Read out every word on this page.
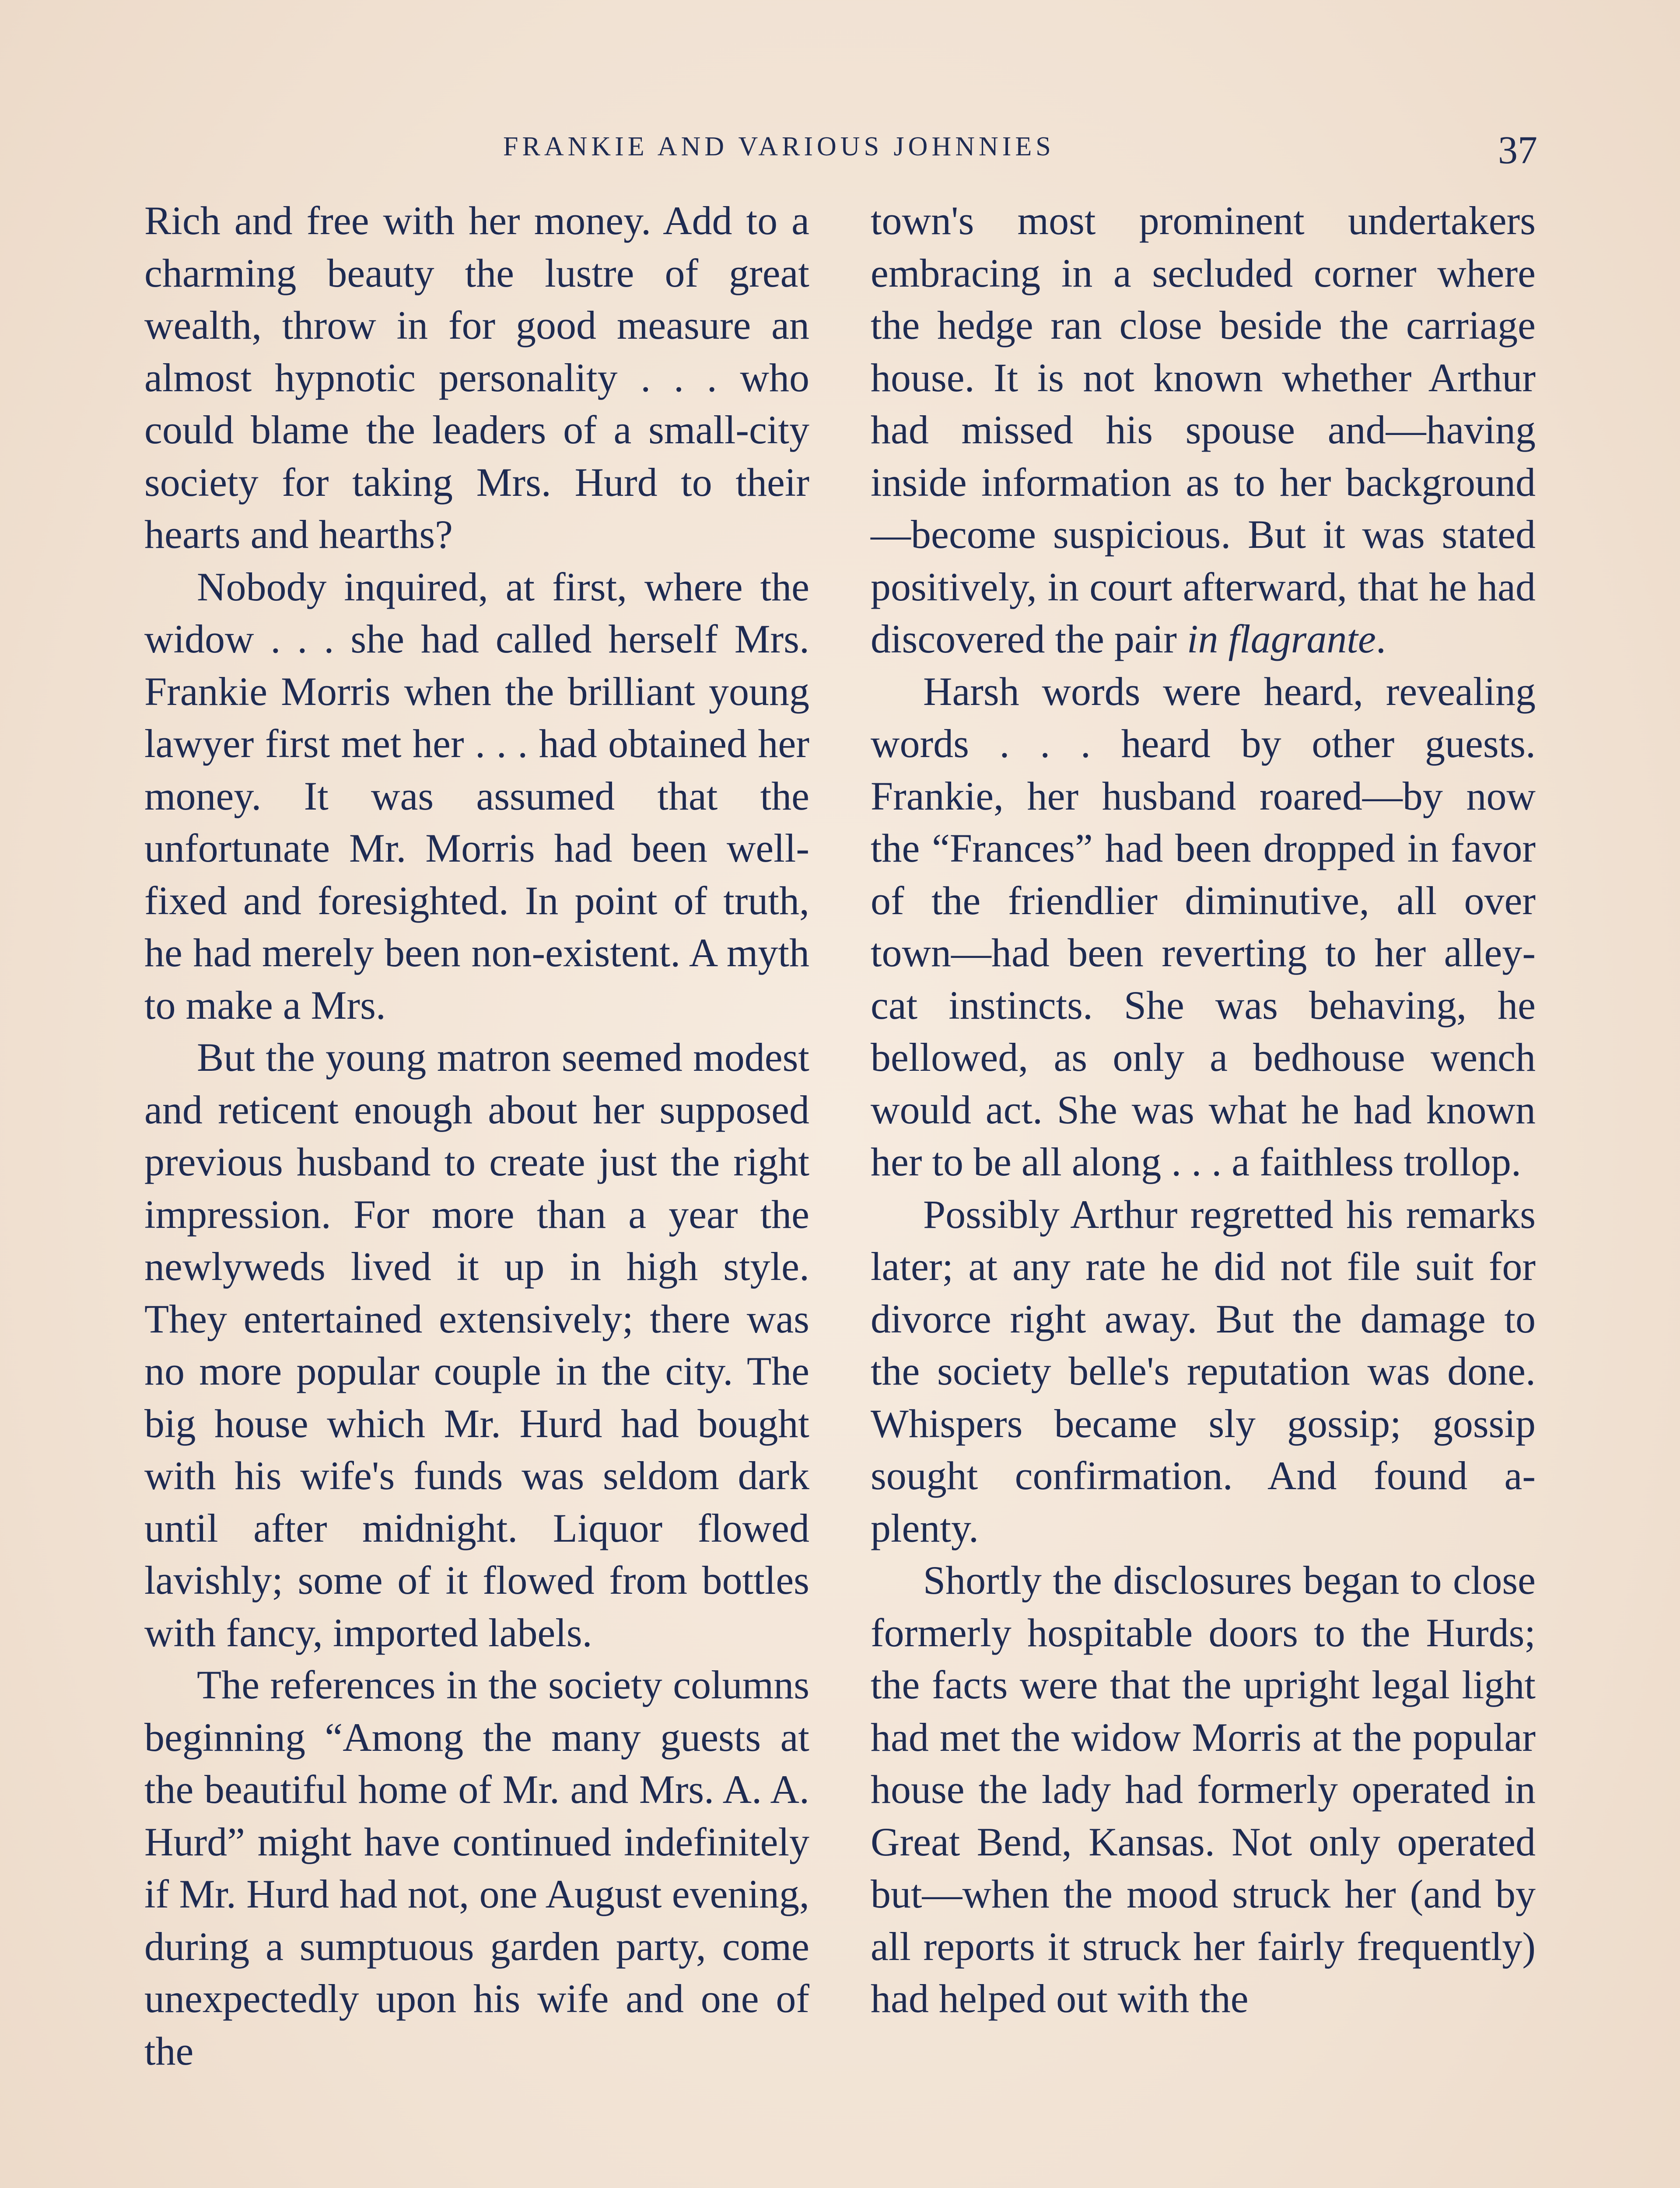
FRANKIE AND VARIOUS JOHNNIES	37

Rich and free with her money. Add to a charming beauty the lustre of great wealth, throw in for good measure an almost hypnotic personality . . . who could blame the leaders of a small-city society for taking Mrs. Hurd to their hearts and hearths?

Nobody inquired, at first, where the widow . . . she had called herself Mrs. Frankie Morris when the brilliant young lawyer first met her . . . had obtained her money. It was assumed that the unfortunate Mr. Morris had been well-fixed and foresighted. In point of truth, he had merely been non-existent. A myth to make a Mrs.

But the young matron seemed modest and reticent enough about her supposed previous husband to create just the right impression. For more than a year the newlyweds lived it up in high style. They entertained extensively; there was no more popular couple in the city. The big house which Mr. Hurd had bought with his wife's funds was seldom dark until after midnight. Liquor flowed lavishly; some of it flowed from bottles with fancy, imported labels.

The references in the society columns beginning “Among the many guests at the beautiful home of Mr. and Mrs. A. A. Hurd” might have continued indefinitely if Mr. Hurd had not, one August evening, during a sumptuous garden party, come unexpectedly upon his wife and one of the

town's most prominent undertakers embracing in a secluded corner where the hedge ran close beside the carriage house. It is not known whether Arthur had missed his spouse and—having inside information as to her background —become suspicious. But it was stated positively, in court afterward, that he had discovered the pair in flagrante.

Harsh words were heard, revealing words . . . heard by other guests. Frankie, her husband roared—by now the “Frances” had been dropped in favor of the friendlier diminutive, all over town—had been reverting to her alley-cat instincts. She was behaving, he bellowed, as only a bedhouse wench would act. She was what he had known her to be all along . . . a faithless trollop.

Possibly Arthur regretted his remarks later; at any rate he did not file suit for divorce right away. But the damage to the society belle's reputation was done. Whispers became sly gossip; gossip sought confirmation. And found a-plenty.

Shortly the disclosures began to close formerly hospitable doors to the Hurds; the facts were that the upright legal light had met the widow Morris at the popular house the lady had formerly operated in Great Bend, Kansas. Not only operated but—when the mood struck her (and by all reports it struck her fairly frequently) had helped out with the
